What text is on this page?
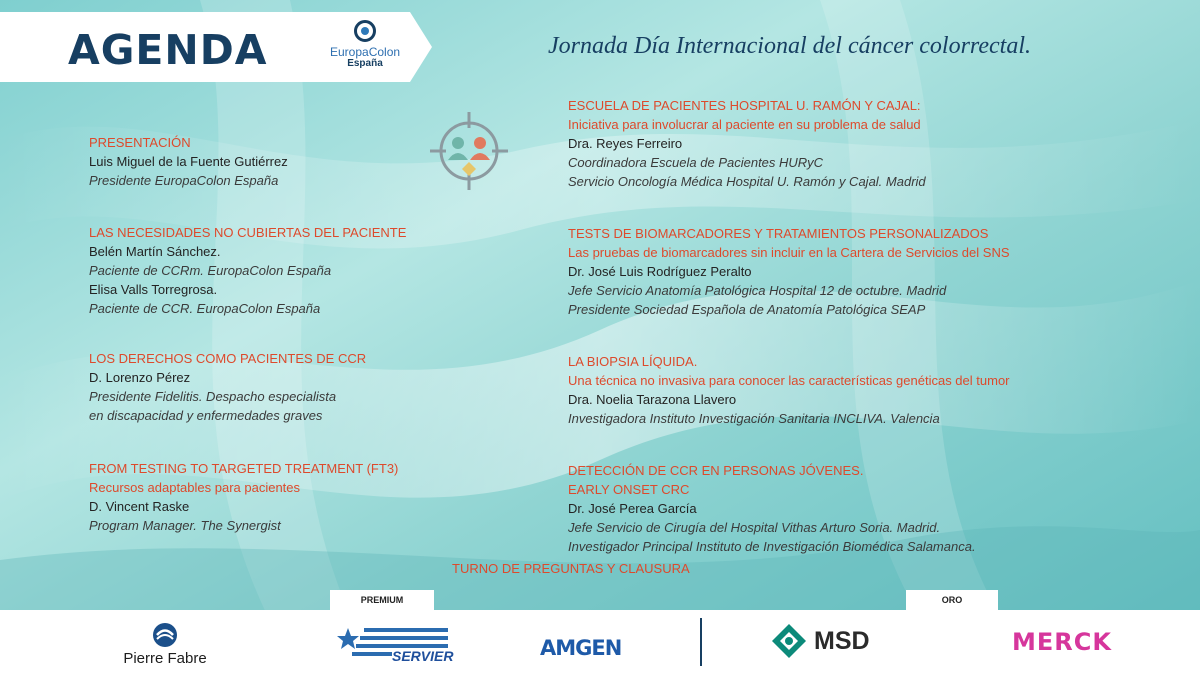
AGENDA	EuropaColon
España
Jornada Día Internacional del cáncer colorrectal.
PRESENTACIÓN
Luis Miguel de la Fuente Gutiérrez
Presidente EuropaColon España
LAS NECESIDADES NO CUBIERTAS DEL PACIENTE
Belén Martín Sánchez.
Paciente de CCRm. EuropaColon España
Elisa Valls Torregrosa.
Paciente de CCR. EuropaColon España
LOS DERECHOS COMO PACIENTES DE CCR
D. Lorenzo Pérez
Presidente Fidelitis. Despacho especialista
en discapacidad y enfermedades graves
FROM TESTING TO TARGETED TREATMENT (FT3)
Recursos adaptables para pacientes
D. Vincent Raske
Program Manager. The Synergist
ESCUELA DE PACIENTES HOSPITAL U. RAMÓN Y CAJAL:
Iniciativa para involucrar al paciente en su problema de salud
Dra. Reyes Ferreiro
Coordinadora Escuela de Pacientes HURyC
Servicio Oncología Médica Hospital U. Ramón y Cajal. Madrid
TESTS DE BIOMARCADORES Y TRATAMIENTOS PERSONALIZADOS
Las pruebas de biomarcadores sin incluir en la Cartera de Servicios del SNS
Dr. José Luis Rodríguez Peralto
Jefe Servicio Anatomía Patológica Hospital 12 de octubre. Madrid
Presidente Sociedad Española de Anatomía Patológica SEAP
LA BIOPSIA LÍQUIDA.
Una técnica no invasiva para conocer las características genéticas del tumor
Dra. Noelia Tarazona Llavero
Investigadora Instituto Investigación Sanitaria INCLIVA. Valencia
DETECCIÓN DE CCR EN PERSONAS JÓVENES.
EARLY ONSET CRC
Dr. José Perea García
Jefe Servicio de Cirugía del Hospital Vithas Arturo Soria. Madrid.
Investigador Principal Instituto de Investigación Biomédica Salamanca.
TURNO DE PREGUNTAS Y CLAUSURA
PREMIUM	ORO
Pierre Fabre	SERVIER	AMGEN	MSD	MERCK
